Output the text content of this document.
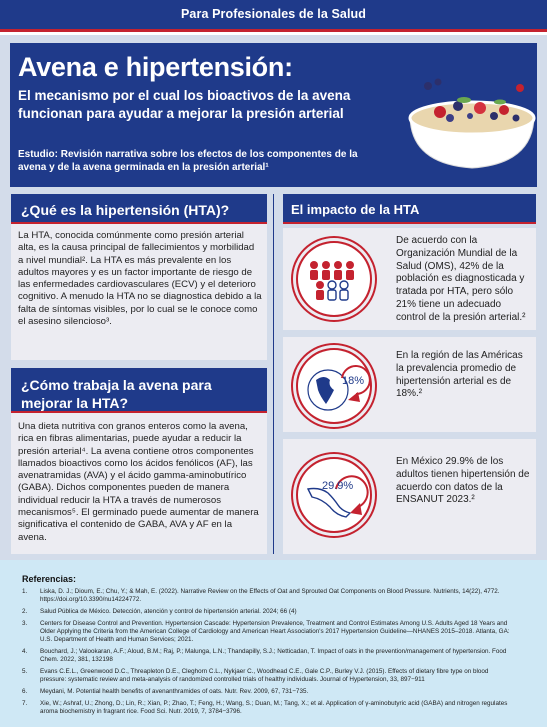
Para Profesionales de la Salud
Avena e hipertensión:
El mecanismo por el cual los bioactivos de la avena funcionan para ayudar a mejorar la presión arterial
Estudio: Revisión narrativa sobre los efectos de los componentes de la avena y de la avena germinada en la presión arterial¹
¿Qué es la hipertensión (HTA)?
La HTA, conocida comúnmente como presión arterial alta, es la causa principal de fallecimientos y morbilidad a nivel mundial². La HTA es más prevalente en los adultos mayores y es un factor importante de riesgo de las enfermedades cardiovasculares (ECV) y el deterioro cognitivo. A menudo la HTA no se diagnostica debido a la falta de síntomas visibles, por lo cual se le conoce como el asesino silencioso³.
¿Cómo trabaja la avena para mejorar la HTA?
Una dieta nutritiva con granos enteros como la avena, rica en fibras alimentarias, puede ayudar a reducir la presión arterial⁴. La avena contiene otros componentes llamados bioactivos como los ácidos fenólicos (AF), las avenatramidas (AVA) y el ácido gamma-aminobutírico (GABA). Dichos componentes pueden de manera individual reducir la HTA a través de numerosos mecanismos⁵. El germinado puede aumentar de manera significativa el contenido de GABA, AVA y AF en la avena.
El impacto de la HTA
De acuerdo con la Organización Mundial de la Salud (OMS), 42% de la población es diagnosticada y tratada por HTA, pero sólo 21% tiene un adecuado control de la presión arterial.²
18%
En la región de las Américas la prevalencia promedio de hipertensión arterial es de 18%.²
29.9%
En México 29.9% de los adultos tienen hipertensión de acuerdo con datos de la ENSANUT 2023.²
Referencias:
1.	Liska, D. J.; Dioum, E.; Chu, Y.; & Mah, E. (2022). Narrative Review on the Effects of Oat and Sprouted Oat Components on Blood Pressure. Nutrients, 14(22), 4772. https://doi.org/10.3390/nu14224772.
2.	Salud Pública de México. Detección, atención y control de hipertensión arterial. 2024; 66 (4)
3.	Centers for Disease Control and Prevention. Hypertension Cascade: Hypertension Prevalence, Treatment and Control Estimates Among U.S. Adults Aged 18 Years and Older Applying the Criteria from the American College of Cardiology and American Heart Association's 2017 Hypertension Guideline—NHANES 2015–2018. Atlanta, GA: U.S. Department of Health and Human Services; 2021.
4.	Bouchard, J.; Valookaran, A.F.; Aloud, B.M.; Raj, P.; Malunga, L.N.; Thandapilly, S.J.; Netticadan, T. Impact of oats in the prevention/management of hypertension. Food Chem. 2022, 381, 132198
5.	Evans C.E.L., Greenwood D.C., Threapleton D.E., Cleghorn C.L., Nykjaer C., Woodhead C.E., Gale C.P., Burley V.J. (2015). Effects of dietary fibre type on blood pressure: systematic review and meta-analysis of randomized controlled trials of healthy individuals. Journal of Hypertension, 33, 897−911
6.	Meydani, M. Potential health benefits of avenanthramides of oats. Nutr. Rev. 2009, 67, 731−735.
7.	Xie, W.; Ashraf, U.; Zhong, D.; Lin, R.; Xian, P.; Zhao, T.; Feng, H.; Wang, S.; Duan, M.; Tang, X.; et al. Application of γ-aminobutyric acid (GABA) and nitrogen regulates aroma biochemistry in fragrant rice. Food Sci. Nutr. 2019, 7, 3784−3796.
